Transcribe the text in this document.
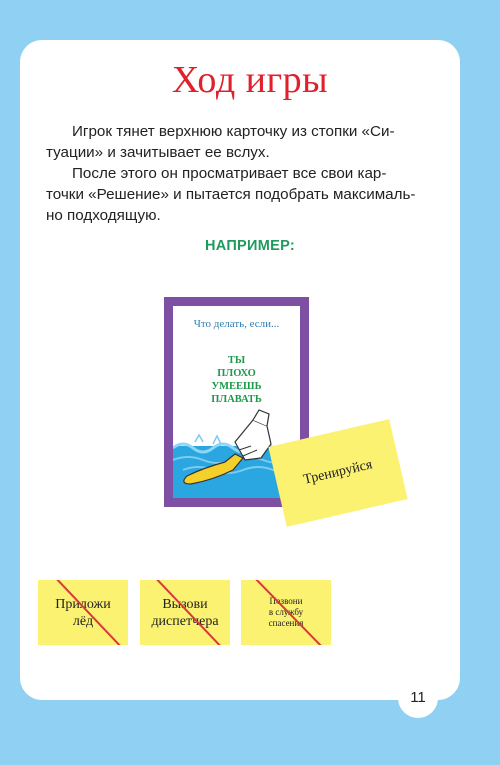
Ход игры
Игрок тянет верхнюю карточку из стопки «Си-
туации» и зачитывает ее вслух.
После этого он просматривает все свои кар-
точки «Решение» и пытается подобрать максималь-
но подходящую.
НАПРИМЕР:
Что делать, если...
ТЫ
ПЛОХО
УМЕЕШЬ
ПЛАВАТЬ
Тренируйся
Приложи
лёд
Вызови
диспетчера
Позвони
в службу
спасения
11
